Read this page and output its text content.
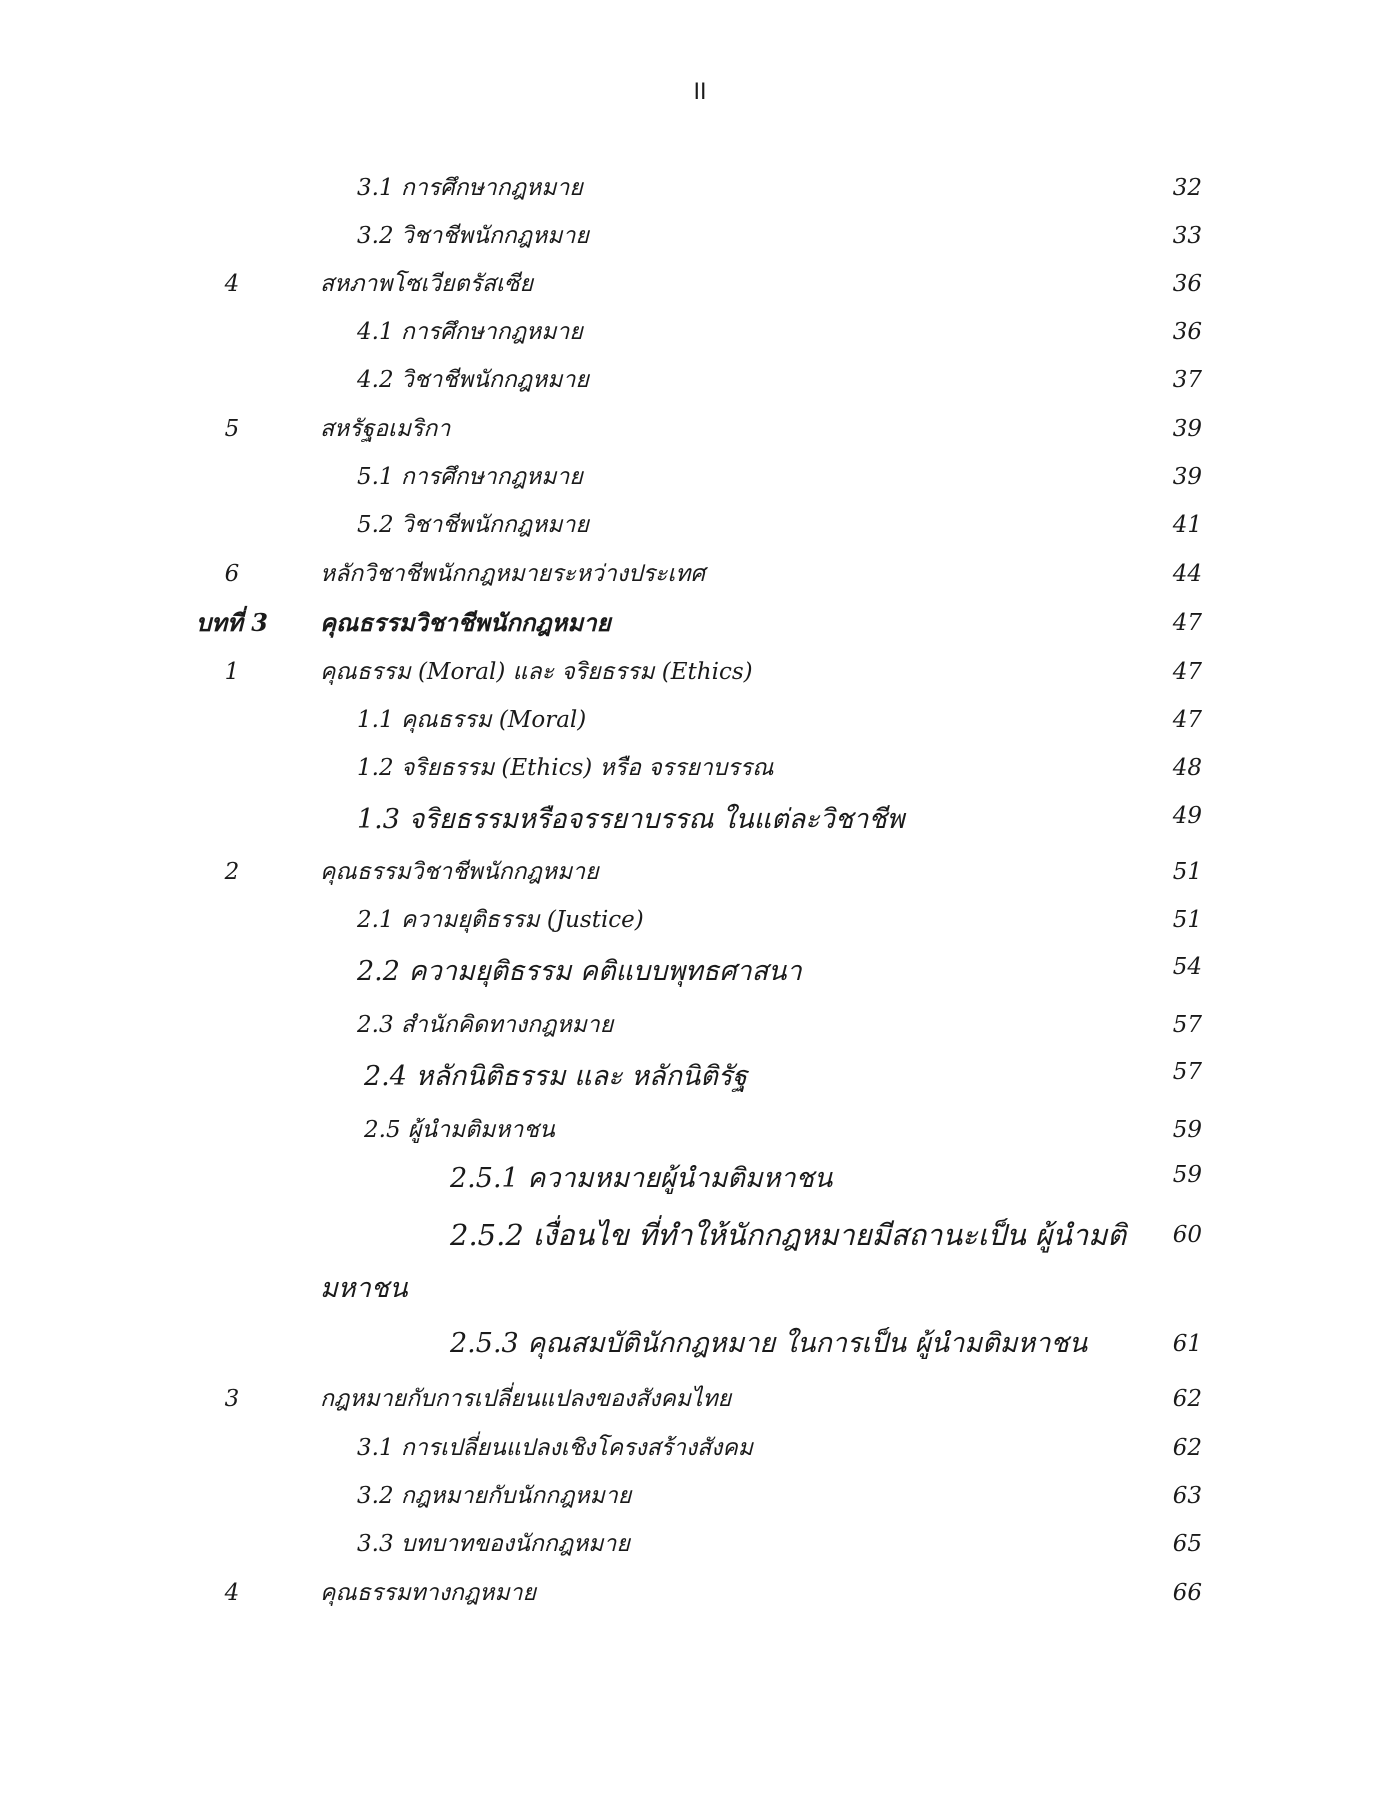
II
3.1 การศึกษากฎหมาย	32
3.2 วิชาชีพนักกฎหมาย	33
4	สหภาพโซเวียตรัสเซีย	36
4.1 การศึกษากฎหมาย	36
4.2 วิชาชีพนักกฎหมาย	37
5	สหรัฐอเมริกา	39
5.1 การศึกษากฎหมาย	39
5.2 วิชาชีพนักกฎหมาย	41
6	หลักวิชาชีพนักกฎหมายระหว่างประเทศ	44
บทที่ 3 คุณธรรมวิชาชีพนักกฎหมาย	47
1	คุณธรรม (Moral) และ จริยธรรม (Ethics)	47
1.1 คุณธรรม (Moral)	47
1.2 จริยธรรม (Ethics) หรือ จรรยาบรรณ	48
1.3 จริยธรรมหรือจรรยาบรรณ ในแต่ละวิชาชีพ	49
2	คุณธรรมวิชาชีพนักกฎหมาย	51
2.1 ความยุติธรรม (Justice)	51
2.2 ความยุติธรรม คติแบบพุทธศาสนา	54
2.3 สำนักคิดทางกฎหมาย	57
2.4 หลักนิติธรรม และ หลักนิติรัฐ	57
2.5 ผู้นำมติมหาชน	59
2.5.1 ความหมายผู้นำมติมหาชน	59
2.5.2 เงื่อนไข ที่ทำให้นักกฎหมายมีสถานะเป็น ผู้นำมติ	60
มหาชน
2.5.3 คุณสมบัตินักกฎหมาย ในการเป็น ผู้นำมติมหาชน	61
3	กฎหมายกับการเปลี่ยนแปลงของสังคมไทย	62
3.1 การเปลี่ยนแปลงเชิงโครงสร้างสังคม	62
3.2 กฎหมายกับนักกฎหมาย	63
3.3 บทบาทของนักกฎหมาย	65
4	คุณธรรมทางกฎหมาย	66
